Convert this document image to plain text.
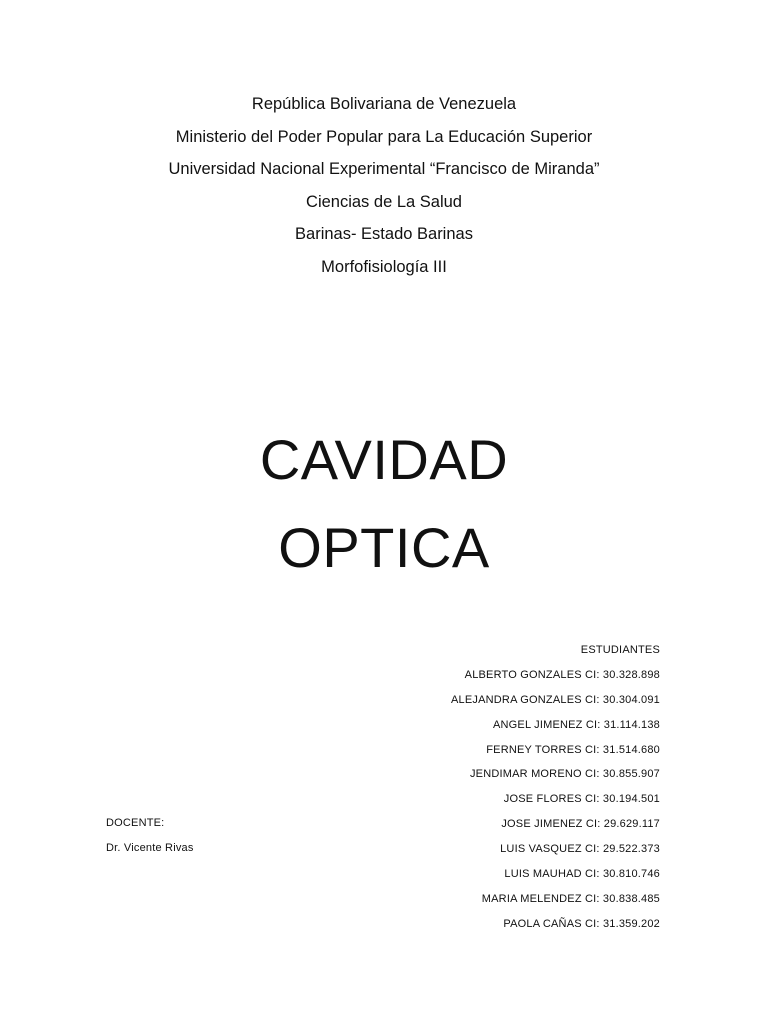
República Bolivariana de Venezuela
Ministerio del Poder Popular para La Educación Superior
Universidad Nacional Experimental “Francisco de Miranda”
Ciencias de La Salud
Barinas- Estado Barinas
Morfofisiología III
CAVIDAD
OPTICA
ESTUDIANTES
ALBERTO GONZALES CI: 30.328.898
ALEJANDRA GONZALES CI: 30.304.091
ANGEL JIMENEZ CI: 31.114.138
FERNEY TORRES CI: 31.514.680
JENDIMAR MORENO CI: 30.855.907
JOSE FLORES CI: 30.194.501
JOSE JIMENEZ CI: 29.629.117
LUIS VASQUEZ CI: 29.522.373
LUIS MAUHAD CI: 30.810.746
MARIA MELENDEZ CI: 30.838.485
PAOLA CAÑAS CI: 31.359.202
DOCENTE:
Dr. Vicente Rivas
